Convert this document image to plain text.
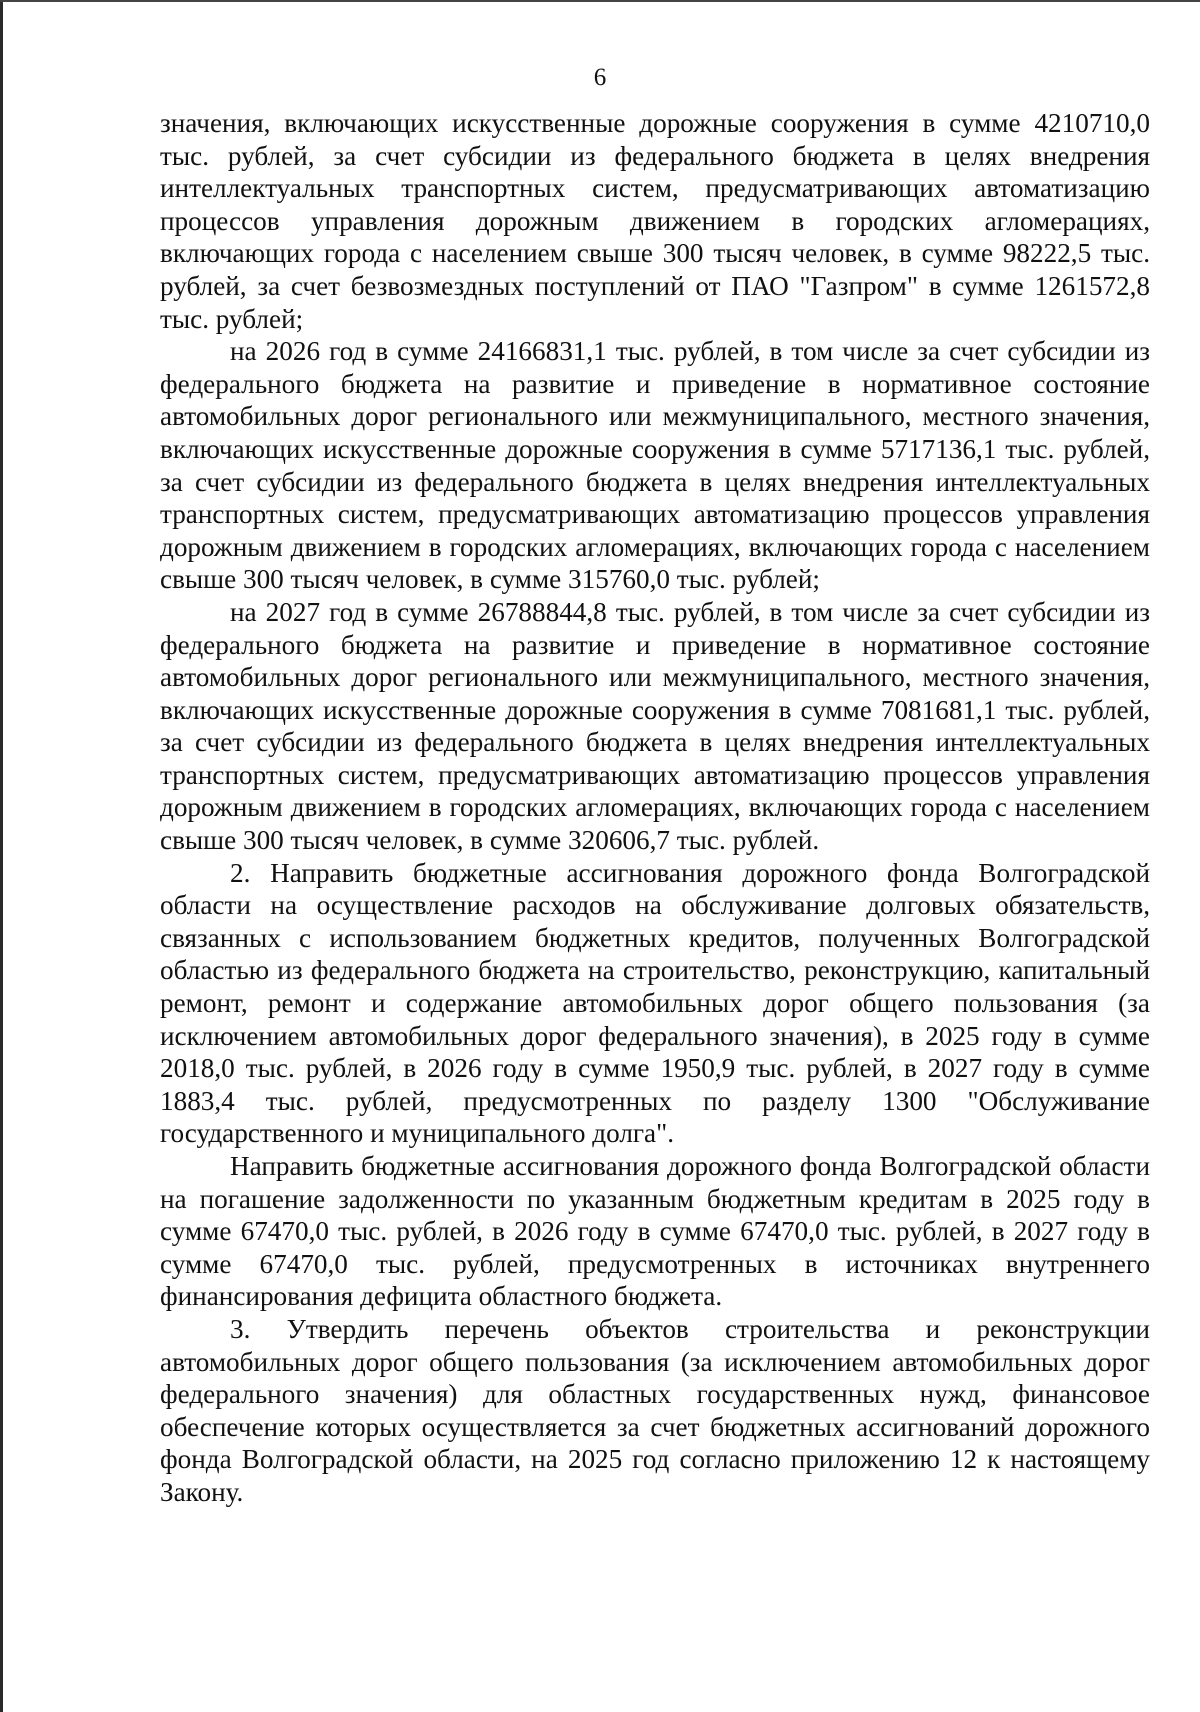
6

значения, включающих искусственные дорожные сооружения в сумме 4210710,0 тыс. рублей, за счет субсидии из федерального бюджета в целях внедрения интеллектуальных транспортных систем, предусматривающих автоматизацию процессов управления дорожным движением в городских агломерациях, включающих города с населением свыше 300 тысяч человек, в сумме 98222,5 тыс. рублей, за счет безвозмездных поступлений от ПАО "Газпром" в сумме 1261572,8 тыс. рублей;

на 2026 год в сумме 24166831,1 тыс. рублей, в том числе за счет субсидии из федерального бюджета на развитие и приведение в нормативное состояние автомобильных дорог регионального или межмуниципального, местного значения, включающих искусственные дорожные сооружения в сумме 5717136,1 тыс. рублей, за счет субсидии из федерального бюджета в целях внедрения интеллектуальных транспортных систем, предусматривающих автоматизацию процессов управления дорожным движением в городских агломерациях, включающих города с населением свыше 300 тысяч человек, в сумме 315760,0 тыс. рублей;

на 2027 год в сумме 26788844,8 тыс. рублей, в том числе за счет субсидии из федерального бюджета на развитие и приведение в нормативное состояние автомобильных дорог регионального или межмуниципального, местного значения, включающих искусственные дорожные сооружения в сумме 7081681,1 тыс. рублей, за счет субсидии из федерального бюджета в целях внедрения интеллектуальных транспортных систем, предусматривающих автоматизацию процессов управления дорожным движением в городских агломерациях, включающих города с населением свыше 300 тысяч человек, в сумме 320606,7 тыс. рублей.

2. Направить бюджетные ассигнования дорожного фонда Волгоградской области на осуществление расходов на обслуживание долговых обязательств, связанных с использованием бюджетных кредитов, полученных Волгоградской областью из федерального бюджета на строительство, реконструкцию, капитальный ремонт, ремонт и содержание автомобильных дорог общего пользования (за исключением автомобильных дорог федерального значения), в 2025 году в сумме 2018,0 тыс. рублей, в 2026 году в сумме 1950,9 тыс. рублей, в 2027 году в сумме 1883,4 тыс. рублей, предусмотренных по разделу 1300 "Обслуживание государственного и муниципального долга".

Направить бюджетные ассигнования дорожного фонда Волгоградской области на погашение задолженности по указанным бюджетным кредитам в 2025 году в сумме 67470,0 тыс. рублей, в 2026 году в сумме 67470,0 тыс. рублей, в 2027 году в сумме 67470,0 тыс. рублей, предусмотренных в источниках внутреннего финансирования дефицита областного бюджета.

3. Утвердить перечень объектов строительства и реконструкции автомобильных дорог общего пользования (за исключением автомобильных дорог федерального значения) для областных государственных нужд, финансовое обеспечение которых осуществляется за счет бюджетных ассигнований дорожного фонда Волгоградской области, на 2025 год согласно приложению 12 к настоящему Закону.
